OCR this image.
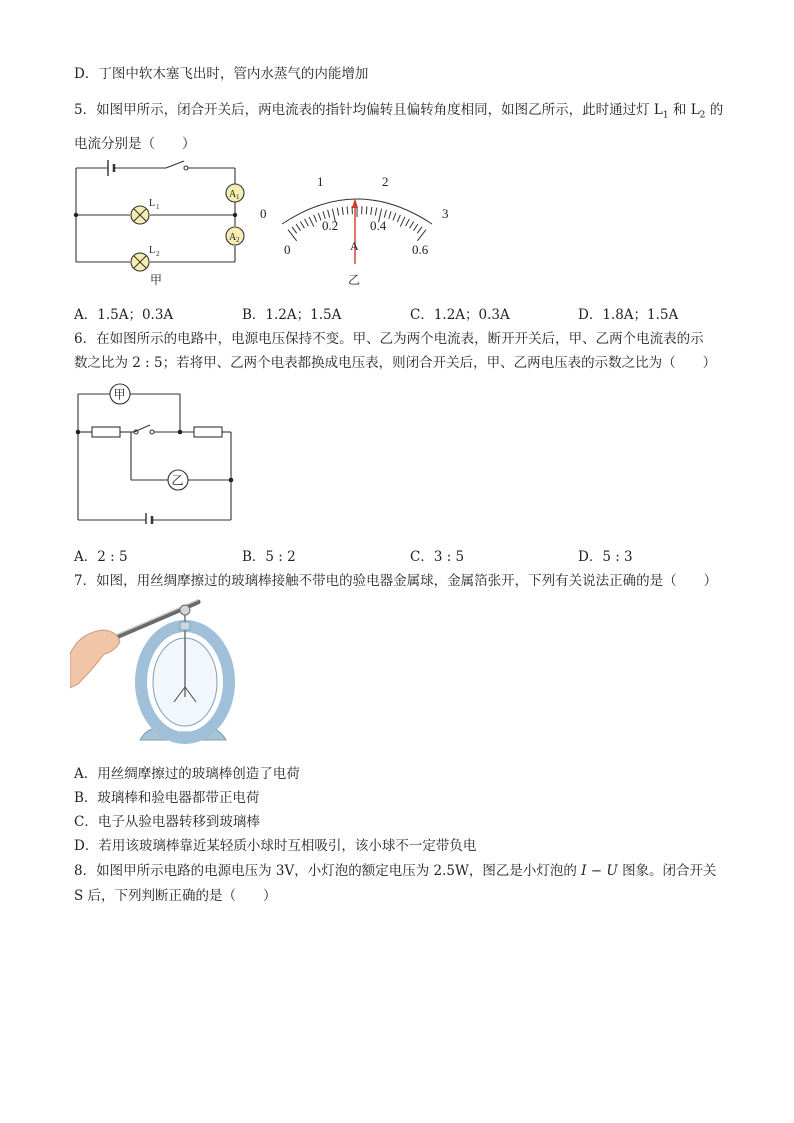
D．丁图中软木塞飞出时，管内水蒸气的内能增加
5．如图甲所示，闭合开关后，两电流表的指针均偏转且偏转角度相同，如图乙所示，此时通过灯 $L_1$ 和 $L_2$ 的
电流分别是（　　）
A 1
A 2
L 1
L 2
甲
0
1	2
3
0
0.2 0.4
0.6
A
乙
A．1.5A；0.3A	B．1.2A；1.5A	C．1.2A；0.3A	D．1.8A；1.5A
6．在如图所示的电路中，电源电压保持不变。甲、乙为两个电流表，断开开关后，甲、乙两个电流表的示
数之比为 2 : 5；若将甲、乙两个电表都换成电压表，则闭合开关后，甲、乙两电压表的示数之比为（　　）
甲
乙
A．2 : 5	B．5 : 2	C．3 : 5	D．5 : 3
7．如图，用丝绸摩擦过的玻璃棒接触不带电的验电器金属球，金属箔张开，下列有关说法正确的是（　　）
A．用丝绸摩擦过的玻璃棒创造了电荷
B．玻璃棒和验电器都带正电荷
C．电子从验电器转移到玻璃棒
D．若用该玻璃棒靠近某轻质小球时互相吸引，该小球不一定带负电
8．如图甲所示电路的电源电压为 3V，小灯泡的额定电压为 2.5W，图乙是小灯泡的 I − U 图象。闭合开关
S 后，下列判断正确的是（　　）
